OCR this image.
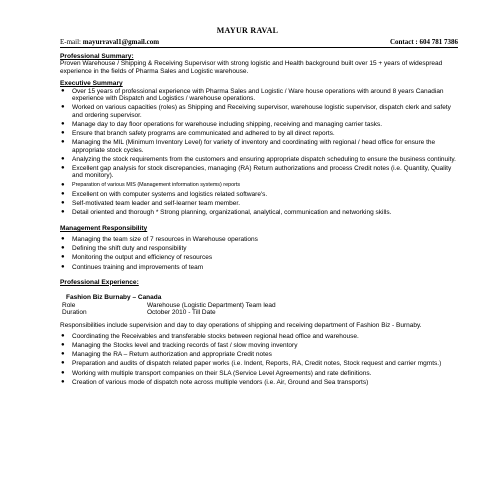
MAYUR RAVAL
E-mail: mayurraval1@gmail.com	Contact : 604 781 7386

Professional Summary:

Proven Warehouse / Shipping & Receiving Supervisor with strong logistic and Health background built over 15 + years of widespread experience in the fields of Pharma Sales and Logistic warehouse.

Executive Summary

● Over 15 years of professional experience with Pharma Sales and Logistic / Ware house operations with around 8 years Canadian experience with Dispatch and Logistics / warehouse operations.
● Worked on various capacities (roles) as Shipping and Receiving supervisor, warehouse logistic supervisor, dispatch clerk and safety and ordering supervisor.
● Manage day to day floor operations for warehouse including shipping, receiving and managing carrier tasks.
● Ensure that branch safety programs are communicated and adhered to by all direct reports.
● Managing the MIL (Minimum Inventory Level) for variety of inventory and coordinating with regional / head office for ensure the appropriate stock cycles.
● Analyzing the stock requirements from the customers and ensuring appropriate dispatch scheduling to ensure the business continuity.
● Excellent gap analysis for stock discrepancies, managing (RA) Return authorizations and process Credit notes (i.e. Quantity, Quality and monitory).
● Preparation of various MIS (Management information systems) reports
● Excellent on with computer systems and logistics related software's.
● Self-motivated team leader and self-learner team member.
● Detail oriented and thorough * Strong planning, organizational, analytical, communication and networking skills.

Management Responsibility

● Managing the team size of 7 resources in Warehouse operations
● Defining the shift duty and responsibility
● Monitoring the output and efficiency of resources
● Continues training and improvements of team

Professional Experience:

Fashion Biz Burnaby – Canada

Role	Warehouse (Logistic Department) Team lead
Duration	October 2010 - Till Date

Responsibilities include supervision and day to day operations of shipping and receiving department of Fashion Biz - Burnaby.

● Coordinating the Receivables and transferable stocks between regional head office and warehouse.
● Managing the Stocks level and tracking records of fast / slow moving inventory
● Managing the RA – Return authorization and appropriate Credit notes
● Preparation and audits of dispatch related paper works (i.e. Indent, Reports, RA, Credit notes, Stock request and carrier mgmts.)
● Working with multiple transport companies on their SLA (Service Level Agreements) and rate definitions.
● Creation of various mode of dispatch note across multiple vendors (i.e. Air, Ground and Sea transports)
